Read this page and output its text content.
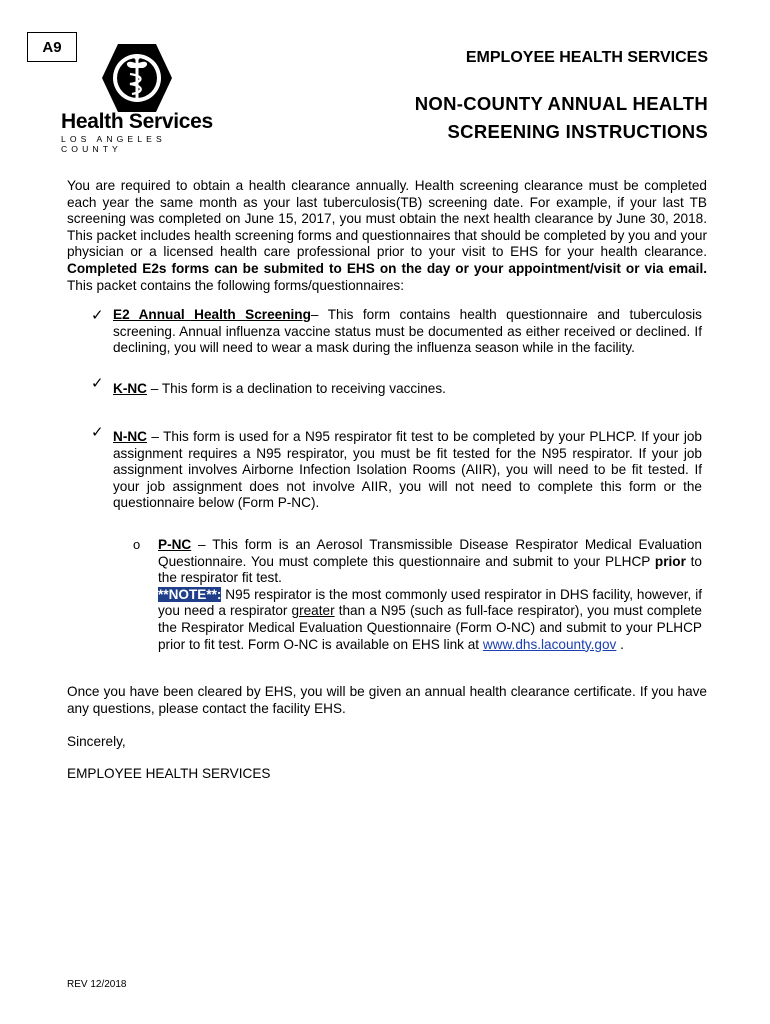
A9
Health Services
LOS ANGELES COUNTY
EMPLOYEE HEALTH SERVICES
NON-COUNTY ANNUAL HEALTH
SCREENING INSTRUCTIONS
You are required to obtain a health clearance annually. Health screening clearance must be completed each year the same month as your last tuberculosis(TB) screening date. For example, if your last TB screening was completed on June 15, 2017, you must obtain the next health clearance by June 30, 2018. This packet includes health screening forms and questionnaires that should be completed by you and your physician or a licensed health care professional prior to your visit to EHS for your health clearance. Completed E2s forms can be submited to EHS on the day or your appointment/visit or via email. This packet contains the following forms/questionnaires:
✓ E2 Annual Health Screening– This form contains health questionnaire and tuberculosis screening. Annual influenza vaccine status must be documented as either received or declined. If declining, you will need to wear a mask during the influenza season while in the facility.
✓ K-NC – This form is a declination to receiving vaccines.
✓ N-NC – This form is used for a N95 respirator fit test to be completed by your PLHCP. If your job assignment requires a N95 respirator, you must be fit tested for the N95 respirator. If your job assignment involves Airborne Infection Isolation Rooms (AIIR), you will need to be fit tested. If your job assignment does not involve AIIR, you will not need to complete this form or the questionnaire below (Form P-NC).
o P-NC – This form is an Aerosol Transmissible Disease Respirator Medical Evaluation Questionnaire. You must complete this questionnaire and submit to your PLHCP prior to the respirator fit test.
**NOTE**: N95 respirator is the most commonly used respirator in DHS facility, however, if you need a respirator greater than a N95 (such as full-face respirator), you must complete the Respirator Medical Evaluation Questionnaire (Form O-NC) and submit to your PLHCP prior to fit test. Form O-NC is available on EHS link at www.dhs.lacounty.gov .
Once you have been cleared by EHS, you will be given an annual health clearance certificate. If you have any questions, please contact the facility EHS.
Sincerely,
EMPLOYEE HEALTH SERVICES
REV 12/2018
